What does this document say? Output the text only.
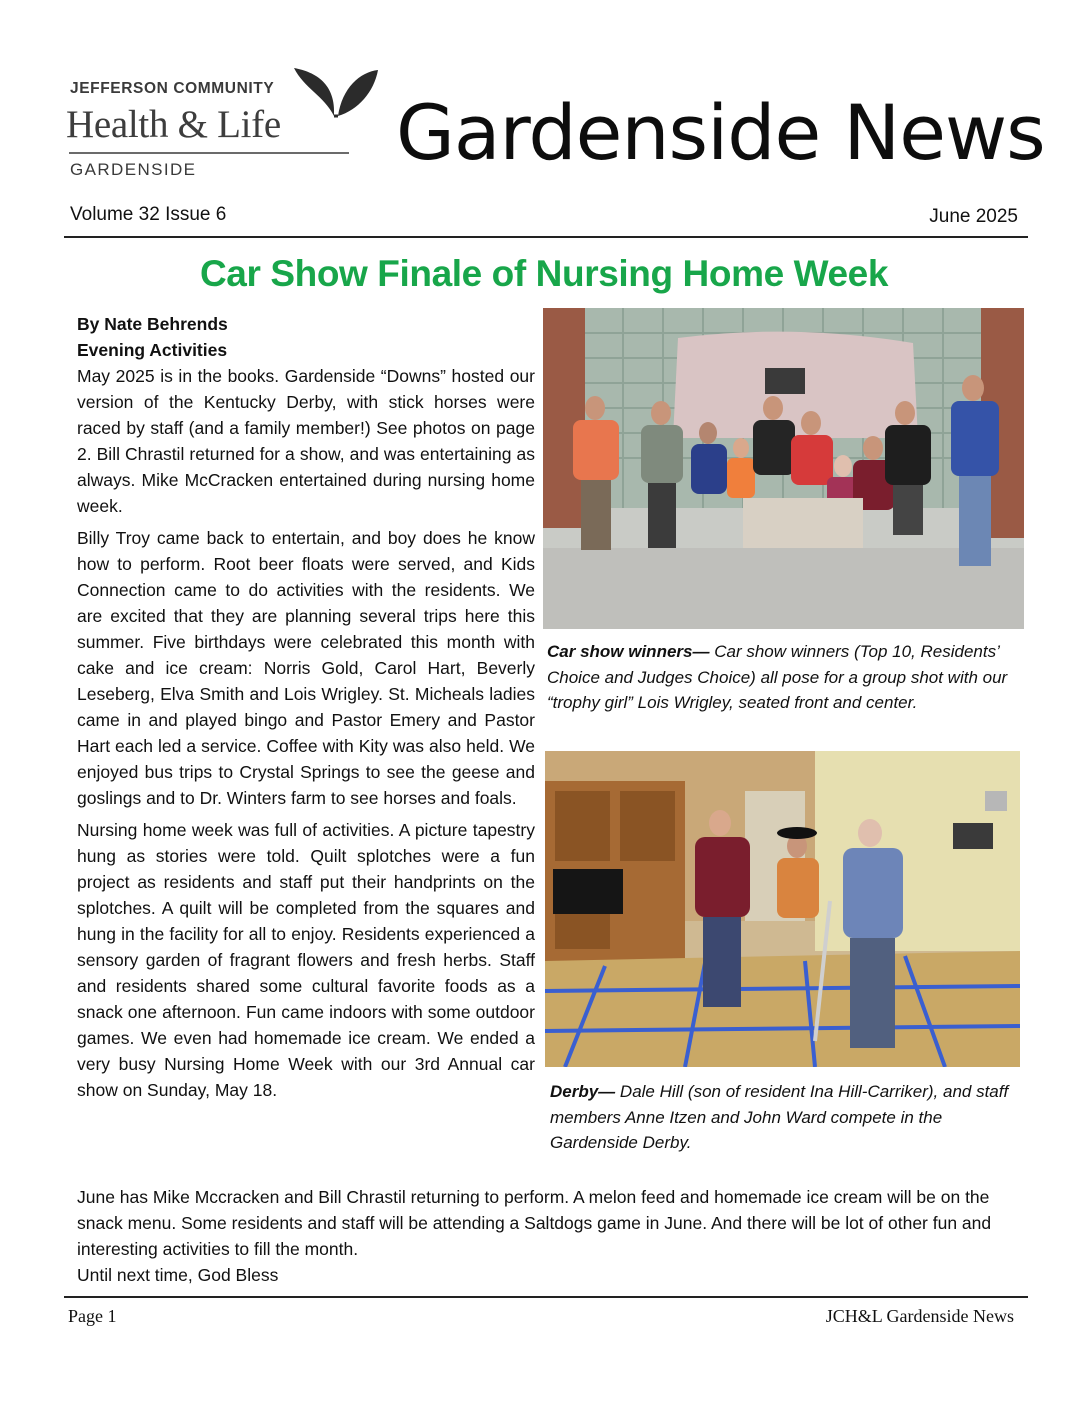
JEFFERSON COMMUNITY
Health & Life
GARDENSIDE	Gardenside News
Volume 32 Issue 6	June 2025
Car Show Finale of Nursing Home Week
By Nate Behrends
Evening Activities

May 2025 is in the books. Gardenside “Downs” hosted our version of the Kentucky Derby, with stick horses were raced by staff (and a family member!) See photos on page 2. Bill Chrastil returned for a show, and was entertaining as always. Mike McCracken entertained during nursing home week.

Billy Troy came back to entertain, and boy does he know how to perform. Root beer floats were served, and Kids Connection came to do activities with the residents. We are excited that they are planning several trips here this summer. Five birthdays were celebrated this month with cake and ice cream: Norris Gold, Carol Hart, Beverly Leseberg, Elva Smith and Lois Wrigley. St. Micheals ladies came in and played bingo and Pastor Emery and Pastor Hart each led a service. Coffee with Kity was also held. We enjoyed bus trips to Crystal Springs to see the geese and goslings and to Dr. Winters farm to see horses and foals.

Nursing home week was full of activities. A picture tapestry hung as stories were told. Quilt splotches were a fun project as residents and staff put their handprints on the splotches. A quilt will be completed from the squares and hung in the facility for all to enjoy. Residents experienced a sensory garden of fragrant flowers and fresh herbs. Staff and residents shared some cultural favorite foods as a snack one afternoon. Fun came indoors with some outdoor games. We even had homemade ice cream. We ended a very busy Nursing Home Week with our 3rd Annual car show on Sunday, May 18.

Car show winners— Car show winners (Top 10, Residents’ Choice and Judges Choice) all pose for a group shot with our “trophy girl” Lois Wrigley, seated front and center.
Derby— Dale Hill (son of resident Ina Hill-Carriker), and staff members Anne Itzen and John Ward compete in the Gardenside Derby.

June has Mike Mccracken and Bill Chrastil returning to perform. A melon feed and homemade ice cream will be on the snack menu. Some residents and staff will be attending a Saltdogs game in June. And there will be lot of other fun and interesting activities to fill the month.

Until next time, God Bless

Page 1	JCH&L Gardenside News
